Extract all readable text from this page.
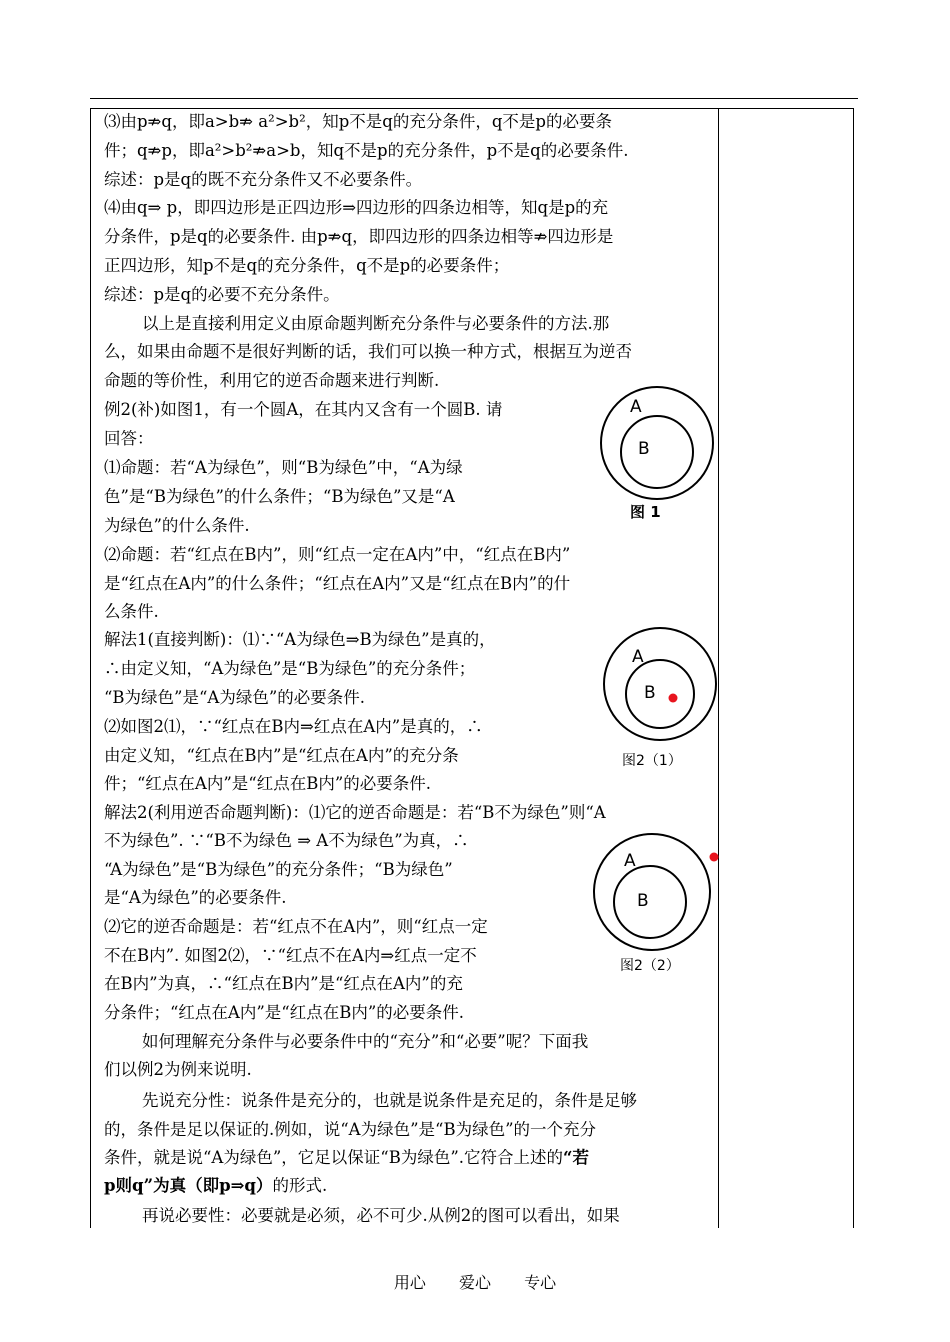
⑶由p⇏q，即a>b⇏ a²>b²，知p不是q的充分条件，q不是p的必要条
件；q⇏p，即a²>b²⇏a>b，知q不是p的充分条件，p不是q的必要条件.
综述：p是q的既不充分条件又不必要条件。
⑷由q⇒ p，即四边形是正四边形⇒四边形的四条边相等，知q是p的充
分条件，p是q的必要条件. 由p⇏q，即四边形的四条边相等⇏四边形是
正四边形，知p不是q的充分条件，q不是p的必要条件；
综述：p是q的必要不充分条件。
以上是直接利用定义由原命题判断充分条件与必要条件的方法.那
么，如果由命题不是很好判断的话，我们可以换一种方式，根据互为逆否
命题的等价性，利用它的逆否命题来进行判断.
例2(补)如图1，有一个圆A，在其内又含有一个圆B. 请
回答：
⑴命题：若“A为绿色”，则“B为绿色”中，“A为绿
色”是“B为绿色”的什么条件；“B为绿色”又是“A
为绿色”的什么条件.
⑵命题：若“红点在B内”，则“红点一定在A内”中，“红点在B内”
是“红点在A内”的什么条件；“红点在A内”又是“红点在B内”的什
么条件.
解法1(直接判断)：⑴∵“A为绿色⇒B为绿色”是真的，
∴由定义知，“A为绿色”是“B为绿色”的充分条件；
“B为绿色”是“A为绿色”的必要条件.
⑵如图2⑴，∵“红点在B内⇒红点在A内”是真的，∴
由定义知，“红点在B内”是“红点在A内”的充分条
件；“红点在A内”是“红点在B内”的必要条件.
解法2(利用逆否命题判断)：⑴它的逆否命题是：若“B不为绿色”则“A
不为绿色”. ∵“B不为绿色 ⇒ A不为绿色”为真，∴
“A为绿色”是“B为绿色”的充分条件；“B为绿色”
是“A为绿色”的必要条件.
⑵它的逆否命题是：若“红点不在A内”，则“红点一定
不在B内”. 如图2⑵，∵“红点不在A内⇒红点一定不
在B内”为真，∴“红点在B内”是“红点在A内”的充
分条件；“红点在A内”是“红点在B内”的必要条件.
如何理解充分条件与必要条件中的“充分”和“必要”呢？下面我
们以例2为例来说明.
先说充分性：说条件是充分的，也就是说条件是充足的，条件是足够
的，条件是足以保证的.例如，说“A为绿色”是“B为绿色”的一个充分
条件，就是说“A为绿色”，它足以保证“B为绿色”.它符合上述的“若
p则q”为真（即p⇒q）的形式.
再说必要性：必要就是必须，必不可少.从例2的图可以看出，如果
A
B
图 1
A
B
图2（1）
A
B
图2（2）
用心 爱心 专心
